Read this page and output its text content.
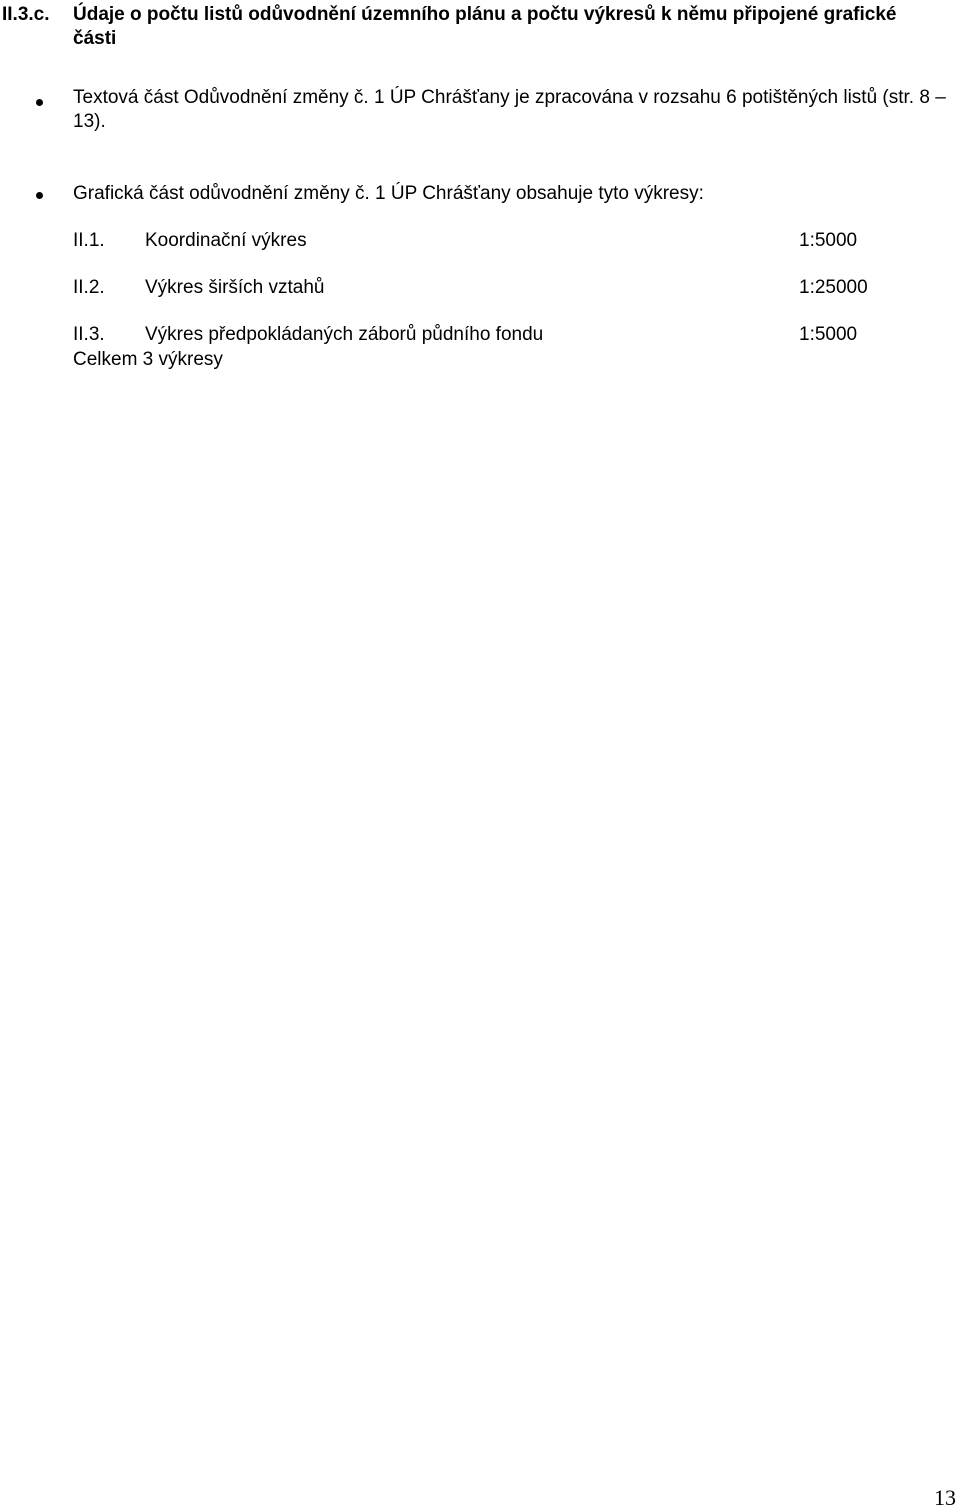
II.3.c. Údaje o počtu listů odůvodnění územního plánu a počtu výkresů k němu připojené grafické části
Textová část Odůvodnění změny č. 1 ÚP Chrášťany je zpracována v rozsahu 6 potištěných listů (str. 8 – 13).
Grafická část odůvodnění změny č. 1 ÚP Chrášťany obsahuje tyto výkresy:
II.1. Koordinační výkres	1:5000
II.2. Výkres širších vztahů	1:25000
II.3. Výkres předpokládaných záborů půdního fondu	1:5000
Celkem 3 výkresy
13
